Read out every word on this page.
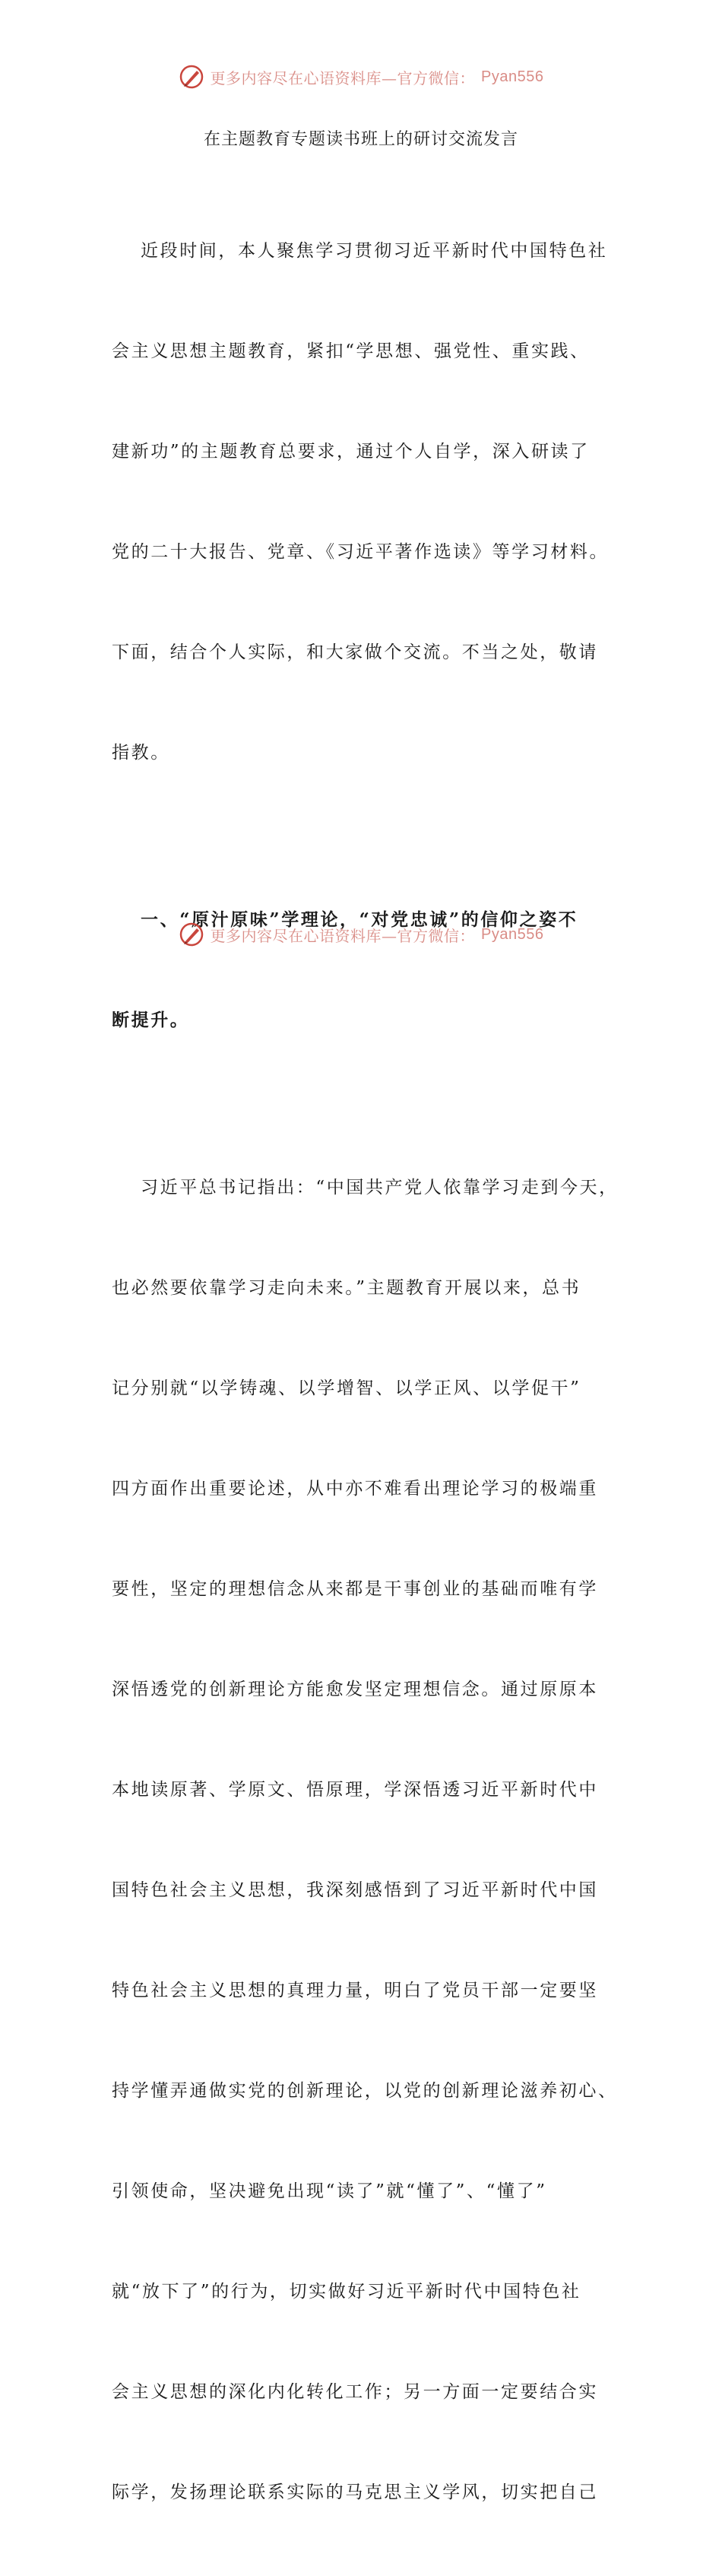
更多内容尽在心语资料库—官方微信： Pyan556
在主题教育专题读书班上的研讨交流发言

近段时间，本人聚焦学习贯彻习近平新时代中国特色社

会主义思想主题教育，紧扣“学思想、强党性、重实践、

建新功”的主题教育总要求，通过个人自学，深入研读了

党的二十大报告、党章、《习近平著作选读》等学习材料。

下面，结合个人实际，和大家做个交流。不当之处，敬请

指教。

一、“原汁原味”学理论，“对党忠诚”的信仰之姿不

断提升。

习近平总书记指出：“中国共产党人依靠学习走到今天，

也必然要依靠学习走向未来。”主题教育开展以来，总书

记分别就“以学铸魂、以学增智、以学正风、以学促干”

四方面作出重要论述，从中亦不难看出理论学习的极端重

要性，坚定的理想信念从来都是干事创业的基础而唯有学

深悟透党的创新理论方能愈发坚定理想信念。通过原原本

本地读原著、学原文、悟原理，学深悟透习近平新时代中

国特色社会主义思想，我深刻感悟到了习近平新时代中国

特色社会主义思想的真理力量，明白了党员干部一定要坚

持学懂弄通做实党的创新理论，以党的创新理论滋养初心、

引领使命，坚决避免出现“读了”就“懂了”、“懂了”

就“放下了”的行为，切实做好习近平新时代中国特色社

会主义思想的深化内化转化工作；另一方面一定要结合实

际学，发扬理论联系实际的马克思主义学风，切实把自己

更多内容尽在心语资料库—官方微信： Pyan556
